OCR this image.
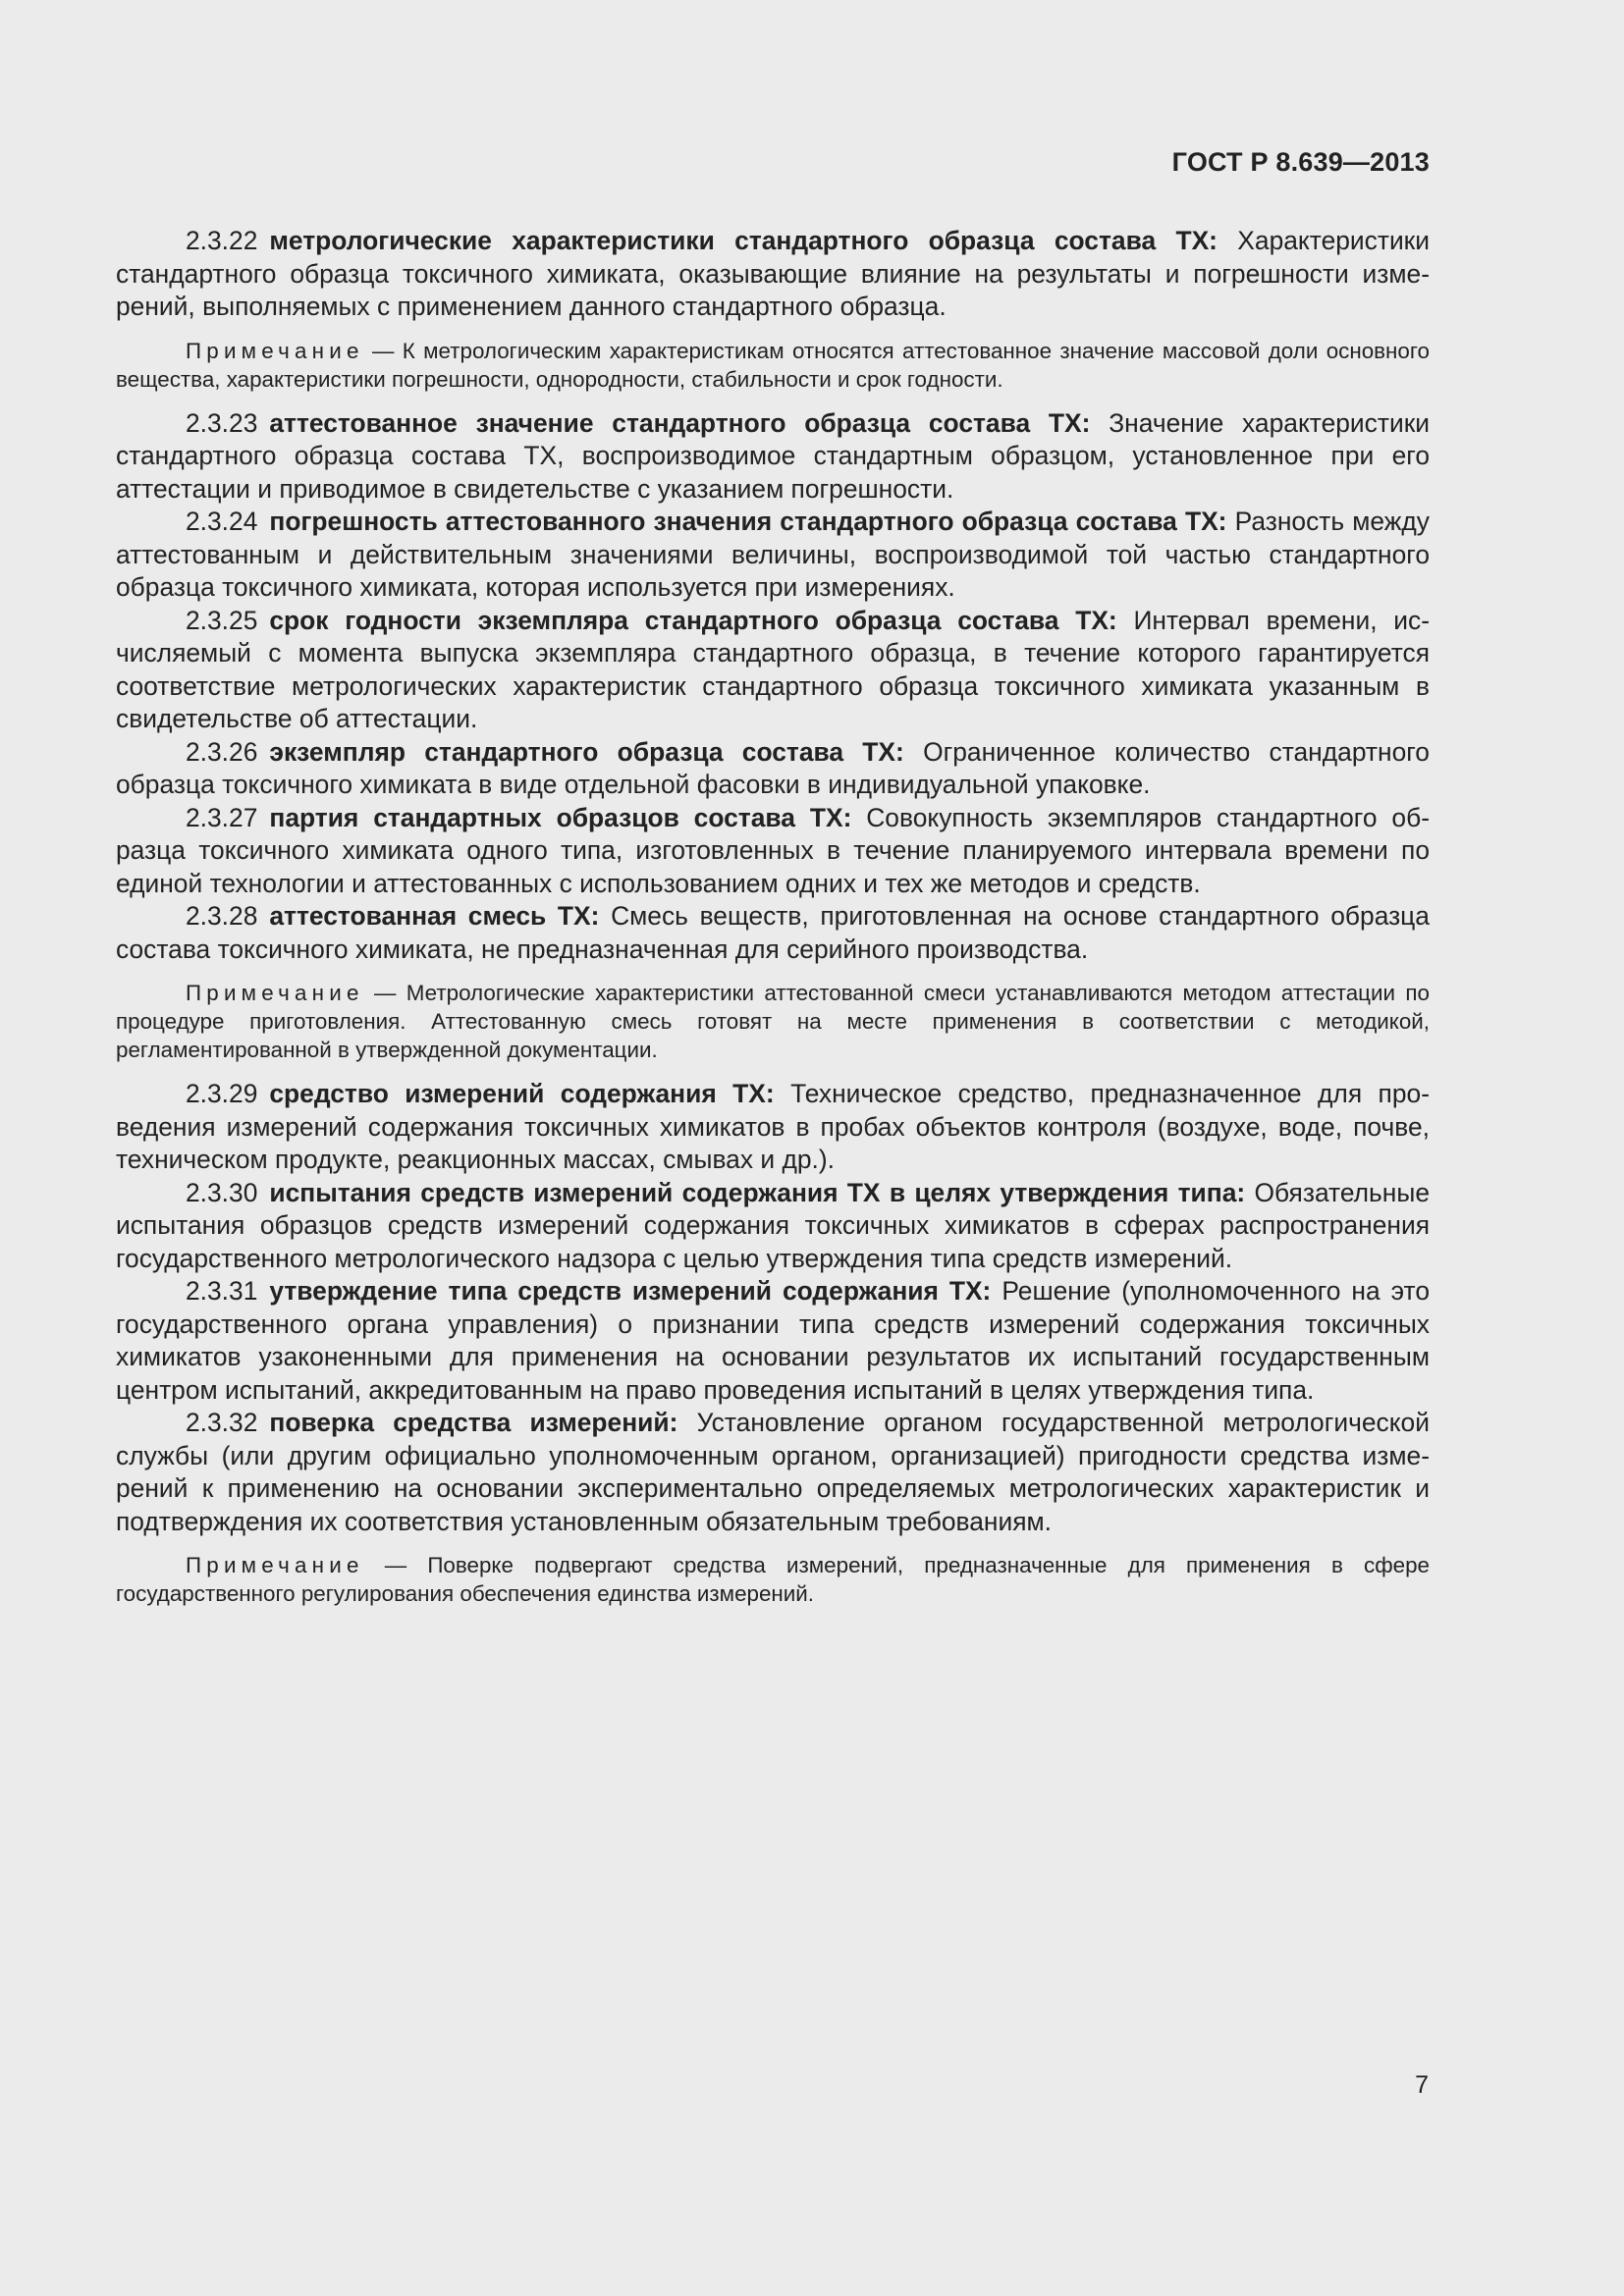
ГОСТ Р 8.639—2013

2.3.22 метрологические характеристики стандартного образца состава ТХ: Характеристики стандартного образца токсичного химиката, оказывающие влияние на результаты и погрешности измерений, выполняемых с применением данного стандартного образца.

Примечание — К метрологическим характеристикам относятся аттестованное значение массовой доли основного вещества, характеристики погрешности, однородности, стабильности и срок годности.

2.3.23 аттестованное значение стандартного образца состава ТХ: Значение характеристики стандартного образца состава ТХ, воспроизводимое стандартным образцом, установленное при его аттестации и приводимое в свидетельстве с указанием погрешности.

2.3.24 погрешность аттестованного значения стандартного образца состава ТХ: Разность между аттестованным и действительным значениями величины, воспроизводимой той частью стандартного образца токсичного химиката, которая используется при измерениях.

2.3.25 срок годности экземпляра стандартного образца состава ТХ: Интервал времени, исчисляемый с момента выпуска экземпляра стандартного образца, в течение которого гарантируется соответствие метрологических характеристик стандартного образца токсичного химиката указанным в свидетельстве об аттестации.

2.3.26 экземпляр стандартного образца состава ТХ: Ограниченное количество стандартного образца токсичного химиката в виде отдельной фасовки в индивидуальной упаковке.

2.3.27 партия стандартных образцов состава ТХ: Совокупность экземпляров стандартного образца токсичного химиката одного типа, изготовленных в течение планируемого интервала времени по единой технологии и аттестованных с использованием одних и тех же методов и средств.

2.3.28 аттестованная смесь ТХ: Смесь веществ, приготовленная на основе стандартного образца состава токсичного химиката, не предназначенная для серийного производства.

Примечание — Метрологические характеристики аттестованной смеси устанавливаются методом аттестации по процедуре приготовления. Аттестованную смесь готовят на месте применения в соответствии с методикой, регламентированной в утвержденной документации.

2.3.29 средство измерений содержания ТХ: Техническое средство, предназначенное для проведения измерений содержания токсичных химикатов в пробах объектов контроля (воздухе, воде, почве, техническом продукте, реакционных массах, смывах и др.).

2.3.30 испытания средств измерений содержания ТХ в целях утверждения типа: Обязательные испытания образцов средств измерений содержания токсичных химикатов в сферах распространения государственного метрологического надзора с целью утверждения типа средств измерений.

2.3.31 утверждение типа средств измерений содержания ТХ: Решение (уполномоченного на это государственного органа управления) о признании типа средств измерений содержания токсичных химикатов узаконенными для применения на основании результатов их испытаний государственным центром испытаний, аккредитованным на право проведения испытаний в целях утверждения типа.

2.3.32 поверка средства измерений: Установление органом государственной метрологической службы (или другим официально уполномоченным органом, организацией) пригодности средства измерений к применению на основании экспериментально определяемых метрологических характеристик и подтверждения их соответствия установленным обязательным требованиям.

Примечание — Поверке подвергают средства измерений, предназначенные для применения в сфере государственного регулирования обеспечения единства измерений.

7
